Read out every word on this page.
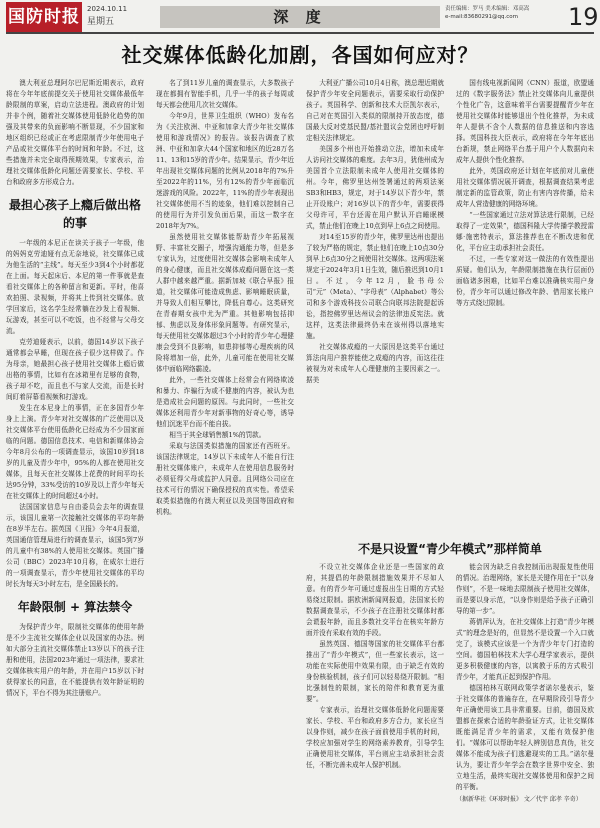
国防时报 2024.10.11
星期五	深 度	责任编辑：罗马 美术编辑：邓高嵩
e-mail:83680291@qq.com	19
社交媒体低龄化加剧，各国如何应对？

澳大利亚总理阿尔巴尼斯近期表示，政府将在今年年底前提交关于使用社交媒体最低年龄限制的草案，启动立法进程。澳政府的计划并非个例，随着社交媒体使用低龄化趋势的加强及其带来的负面影响不断显现，不少国家和地区组织已经或正在考虑限制青少年使用电子产品或社交媒体平台的时间和年龄。不过，这些措施并未完全取得预期效果，专家表示，治理社交媒体低龄化问题还需要家长、学校、平台和政府多方形成合力。

最担心孩子上瘾后做出格的事

一年级的本尼正在读关于孩子一年级，他的妈妈克劳迪娅有点无奈地说，社交媒体已成为他生活的“主线”。每天至少3到4个小时都花在上面。每天起床后、本尼的第一件事就是查看社交媒体上的各种留言和更新。平时，他喜欢拍照、录视频，并将其上传到社交媒体。放学回家后，这名学生经常躺在沙发上看视频、玩游戏，甚至可以不吃饭，也不经常与父母交流。

克劳迪娅表示，以前，德国14岁以下孩子通常都会早睡，但现在孩子很少这样做了。作为母亲，她最担心孩子使用社交媒体上瘾后做出格的事情，比如有在冰箱里有足够的食物，孩子却不吃，而且也不与家人交流，而是长时间盯着屏幕看视频和打游戏。

发生在本尼身上的事情，正在多国青少年身上上演。青少年对社交媒体的广泛使用以及社交媒体平台使用低龄化已经成为不少国家面临的问题。德国信息技术、电信和新媒体协会今年8月公布的一项调查显示，该国10岁到18岁的儿童及青少年中，95%的人都在使用社交媒体，且每天在社交媒体上花费的时间平均长达95分钟，33%受访的10岁及以上青少年每天在社交媒体上的时间超过4小时。

法国国家信息与自由委员会去年的调查显示，该国儿童第一次接触社交媒体的平均年龄在8岁半左右。据英国《卫报》今年4月报道，英国通信管理局进行的调查显示，该国5到7岁的儿童中有38%的人使用社交媒体。英国广播公司（BBC）2023年10月称，在威尔士进行的一项调查显示，青少年使用社交媒体的平均时长为每天3小时左右，是全国最长的。

年龄限制 + 算法禁令

为保护青少年，限制社交媒体的使用年龄是不少主流社交媒体企业以及国家的办法。例如大部分主流社交媒体禁止13岁以下的孩子注册和使用，法国2023年通过一项法律，要求社交媒体核实用户的年龄，并在用户15岁以下时获得家长的同意，在不能提供有效年龄证明的情况下，平台不得为其注册账户。

名了到11岁儿童的调查显示，大多数孩子现在都拥有智能手机，几乎一半的孩子每周或每天都会使用几次社交媒体。

今年9月，世界卫生组织（WHO）发布名为《关注欧洲、中亚和加拿大青少年社交媒体使用和游戏情况》的报告。该报告调查了欧洲、中亚和加拿大44个国家和地区的近28万名11、13和15岁的青少年。结果显示，青少年近年出现社交媒体问题的比例从2018年的7%升至2022年的11%，另有12%的青少年面临沉迷游戏的风险。2022年，11%的青少年表现出社交媒体使用不当的迹象，他们难以控制自己的使用行为并引发负面后果，而这一数字在2018年为7%。

虽然使用社交媒体能帮助青少年拓展视野、丰富社交圈子，增强沟通能力等，但是多专家认为，过度使用社交媒体会影响未成年人的身心健康，而且社交媒体成瘾问题在这一类人群中越来越严重。据新加坡《联合早报》报道，社交媒体可能造成焦虑、影响睡眠质量，并导致人们相互攀比，降低自尊心。这类研究在青春期女孩中尤为严重。其他影响包括抑郁、焦虑以及身体形象问题等。有研究显示，每天使用社交媒体超过3个小时的青少年心理健康会受到不良影响，如患抑郁等心理疾病的风险将增加一倍，此外，儿童可能在使用社交媒体中面临网络霸凌。

此外，一些社交媒体上经常会有网络欺凌和暴力、诈骗行为或不健康的内容，被认为也是造成社会问题的原因。与此同时，一些社交媒体还利用青少年对新事物的好奇心等，诱导他们沉迷平台而不能自拔。

相当于其全球销售额1%的罚款。

采取与法国类似措施的国家还有西班牙。该国法律规定，14岁以下未成年人不能自行注册社交媒体账户，未成年人在使用信息服务时必须征得父母或监护人同意。且网络公司应在技术可行的情况下确保授权的真实性。希望采取类似措施的有澳大利亚以及美国等国政府和机构。

大利亚广播公司10月4日称，澳总理近期就保护青少年安全问题表示，需要采取行动保护孩子。英国科学、创新和技术大臣凯尔表示，自己对在英国引入类似的限制持开放态度，德国最大反对党基民盟/基社盟议会党团也呼吁制定相关法律规定。

美国多个州也开始推动立法，增加未成年人访问社交媒体的难度。去年3月，犹他州成为美国首个立法限制未成年人使用社交媒体的州。今年，佛罗里达州签署通过的两项法案SB3和HB3，规定，对于14岁以下青少年，禁止开设账户；对16岁以下的青少年，需要获得父母许可，平台还需在用户默认开启睡眠模式，禁止他们在晚上10点到早上6点之间使用。

对14至15岁的青少年，佛罗里达州也提出了较为严格的规定，禁止他们在晚上10点30分到早上6点30分之间使用社交媒体。这两项法案规定于2024年3月1日生效，随后推迟到10月1日。不过，今年12月，脸书母公司“元”（Meta）、“字母表”（Alphabet）等公司和多个游戏科技公司联合向联邦法院提起诉讼，指控佛罗里达州议会的法律违反宪法。就这样，这类法律最终仍未在该州得以落地实施。

社交媒体成瘾的一大原因是这类平台通过算法向用户推荐能使之成瘾的内容，而这往往被视为对未成年人心理健康的主要因素之一。据美

国有线电视新闻网（CNN）报道，欧盟通过的《数字服务法》禁止社交媒体向儿童提供个性化广告，这意味着平台需要提醒青少年在使用社交媒体时能够退出个性化推荐，为未成年人提供不含个人数据的信息推送和内容选择。英国科技大臣表示，政府将在今年年底出台新规，禁止网络平台基于用户个人数据向未成年人提供个性化推荐。

此外，英国政府还计划在年底前对儿童使用社交媒体情况展开调查，根据调查结果考虑制定新的监管政策，防止有害内容传播，给未成年人营造健康的网络环境。

“一些国家通过立法对算法进行限制，已经取得了一定效果”，德国科隆大学传播学教授雷娜·施密特表示，算法推荐也在不断改进和优化，平台应主动承担社会责任。

不过，一些专家对这一做法的有效性提出质疑。他们认为，年龄限制措施在执行层面仍面临诸多困难，比如平台难以准确核实用户身份，青少年可以通过修改年龄、借用家长账户等方式绕过限制。

不是只设置“青少年模式”那样简单

不设立社交媒体企业还是一些国家的政府，其提倡的年龄限制措施效果并不尽如人意。有的青少年可通过虚报出生日期的方式轻易绕过限制。据欧洲新闻网报道，法国家长的数据调查显示，不少孩子在注册社交媒体时都会谎报年龄，而且多数社交平台在核实年龄方面并没有采取有效的手段。

虽然英国、德国等国家的社交媒体平台都推出了“青少年模式”，但一些家长表示，这一功能在实际使用中效果有限，由于缺乏有效的身份核验机制，孩子们可以轻易绕开限制。“相比强制性的限制，家长的陪伴和教育更为重要”。

专家表示，治理社交媒体低龄化问题需要家长、学校、平台和政府多方合力，家长应当以身作则，减少在孩子面前使用手机的时间，学校应加强对学生的网络素养教育，引导学生正确使用社交媒体，平台则应主动承担社会责任，不断完善未成年人保护机制。

能会因为缺乏自我控制而出现报复性使用的情况。治理网络，家长是关键作用在于“以身作则”，不是一味地去限制孩子使用社交媒体，而是要以身示范，“以身作则是给予孩子正确引导的第一步”。

蒋倩萍认为，在社交媒体上打造“青少年模式”的理念是好的，但显然不是设置一个入口就完了，该模式应该是一个为青少年专门打造的空间。德国柏林技术大学心理学家表示，提供更多积极健康的内容，以寓教于乐的方式吸引青少年，才能真正起到保护作用。

德国柏林互联网政策学者诺尔曼表示，鉴于社交媒体的普遍存在，在早期阶段引导青少年正确使用该工具非常重要。目前，德国及欧盟都在探索合适的年龄验证方式，让社交媒体既能满足青少年的需求，又能有效保护他们。“媒体可以帮助年轻人辨别信息真伪，社交媒体不能成为孩子们逃避现实的工具。”诺尔曼认为，要让青少年学会在数字世界中安全、独立地生活，最终实现社交媒体使用和保护之间的平衡。

（据新华社《环球时报》 文／代宇 邱孝 辛奇）
